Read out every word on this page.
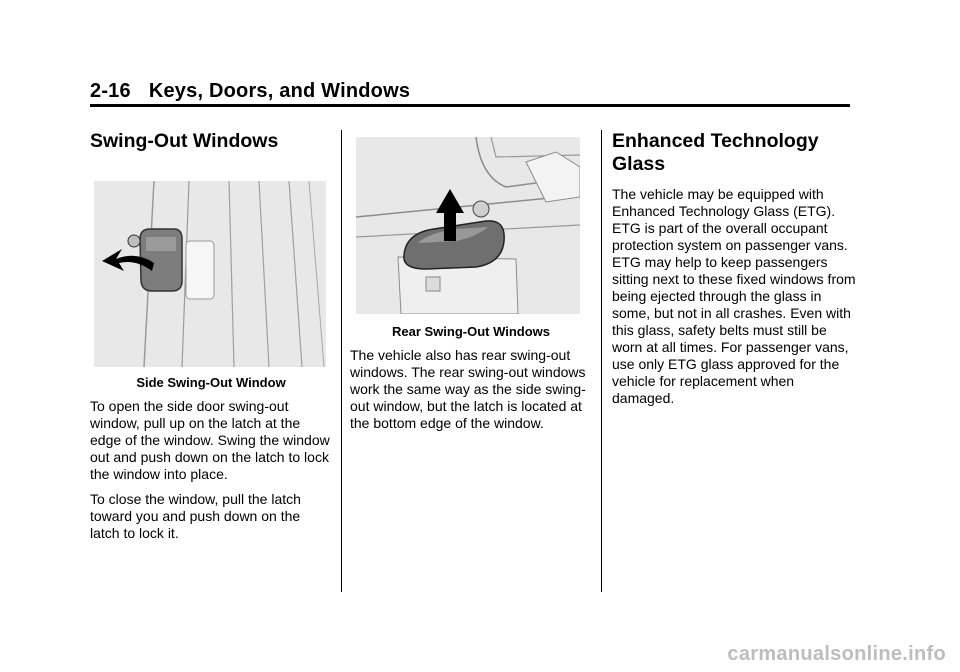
2-16 Keys, Doors, and Windows
Swing-Out Windows
Side Swing-Out Window

To open the side door swing-out window, pull up on the latch at the edge of the window. Swing the window out and push down on the latch to lock the window into place.

To close the window, pull the latch toward you and push down on the latch to lock it.

Rear Swing-Out Windows

The vehicle also has rear swing-out windows. The rear swing-out windows work the same way as the side swing-out window, but the latch is located at the bottom edge of the window.

Enhanced Technology Glass

The vehicle may be equipped with Enhanced Technology Glass (ETG). ETG is part of the overall occupant protection system on passenger vans. ETG may help to keep passengers sitting next to these fixed windows from being ejected through the glass in some, but not in all crashes. Even with this glass, safety belts must still be worn at all times. For passenger vans, use only ETG glass approved for the vehicle for replacement when damaged.

carmanualsonline.info
